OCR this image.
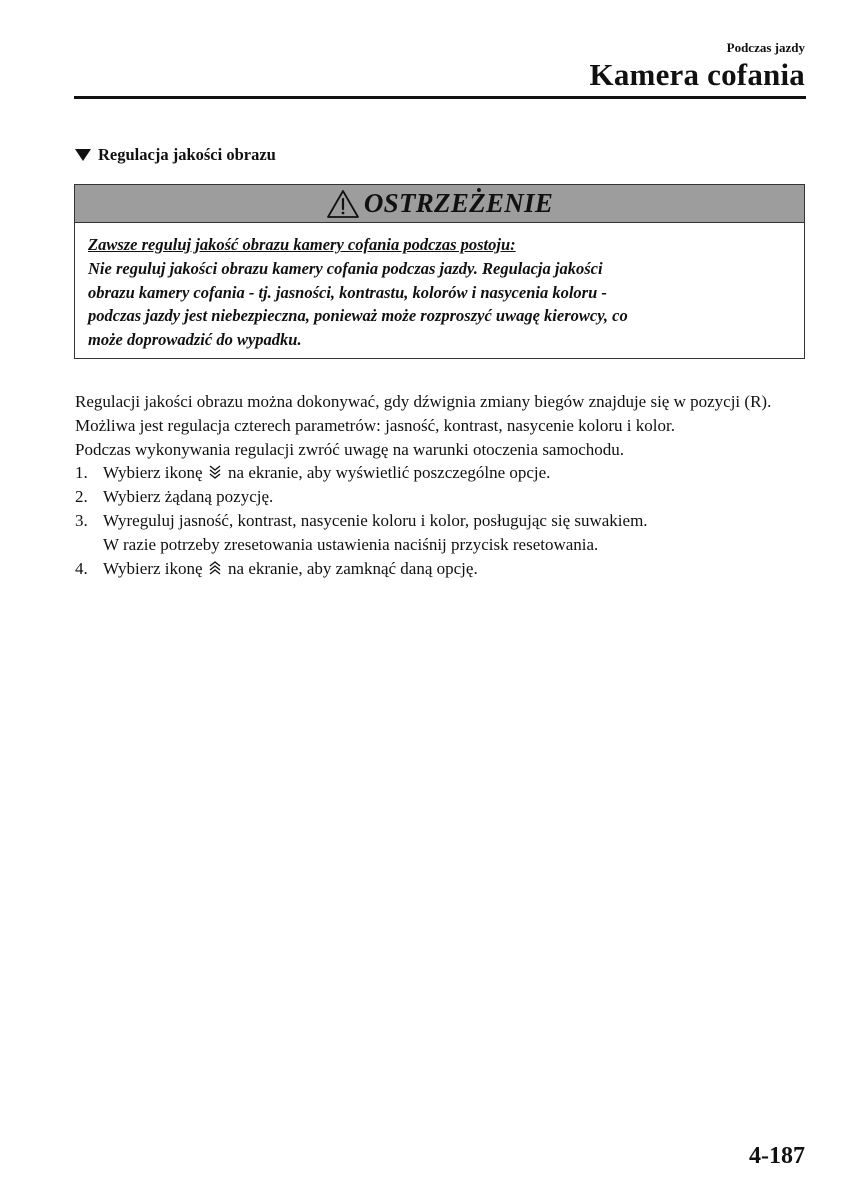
Podczas jazdy
Kamera cofania
Regulacja jakości obrazu
OSTRZEŻENIE
Zawsze reguluj jakość obrazu kamery cofania podczas postoju:
Nie reguluj jakości obrazu kamery cofania podczas jazdy. Regulacja jakości
obrazu kamery cofania - tj. jasności, kontrastu, kolorów i nasycenia koloru -
podczas jazdy jest niebezpieczna, ponieważ może rozproszyć uwagę kierowcy, co
może doprowadzić do wypadku.

Regulacji jakości obrazu można dokonywać, gdy dźwignia zmiany biegów znajduje się w pozycji (R).

Możliwa jest regulacja czterech parametrów: jasność, kontrast, nasycenie koloru i kolor.

Podczas wykonywania regulacji zwróć uwagę na warunki otoczenia samochodu.

1. Wybierz ikonę na ekranie, aby wyświetlić poszczególne opcje.
2. Wybierz żądaną pozycję.
3. Wyreguluj jasność, kontrast, nasycenie koloru i kolor, posługując się suwakiem.
W razie potrzeby zresetowania ustawienia naciśnij przycisk resetowania.
4. Wybierz ikonę na ekranie, aby zamknąć daną opcję.
4-187
